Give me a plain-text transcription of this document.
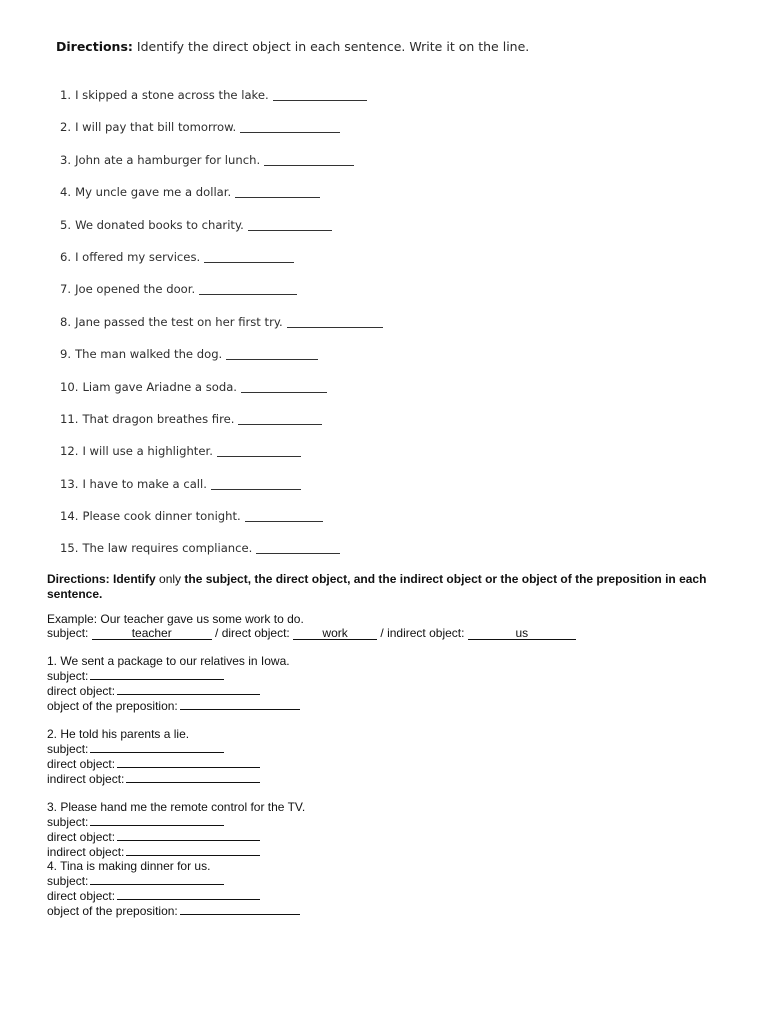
Directions: Identify the direct object in each sentence. Write it on the line.
1. I skipped a stone across the lake.
2. I will pay that bill tomorrow.
3. John ate a hamburger for lunch.
4. My uncle gave me a dollar.
5. We donated books to charity.
6. I offered my services.
7. Joe opened the door.
8. Jane passed the test on her first try.
9. The man walked the dog.
10. Liam gave Ariadne a soda.
11. That dragon breathes fire.
12. I will use a highlighter.
13. I have to make a call.
14. Please cook dinner tonight.
15. The law requires compliance.
Directions: Identify only the subject, the direct object, and the indirect object or the object of the preposition in each sentence.
Example: Our teacher gave us some work to do.
subject:	teacher	/ direct object: work / indirect object:	us
1. We sent a package to our relatives in Iowa.
subject:
direct object:
object of the preposition:
2. He told his parents a lie.
subject:
direct object:
indirect object:
3. Please hand me the remote control for the TV.
subject:
direct object:
indirect object:
4. Tina is making dinner for us.
subject:
direct object:
object of the preposition:
